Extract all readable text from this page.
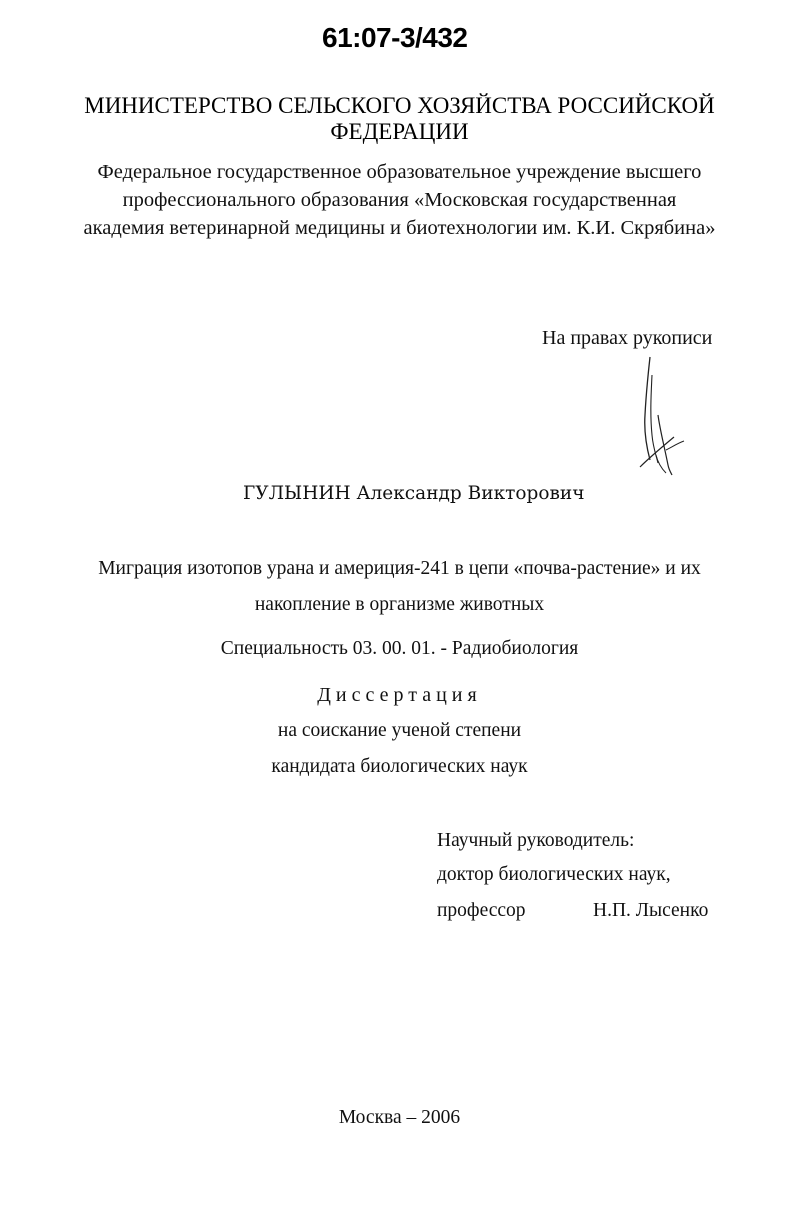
61:07-3/432
МИНИСТЕРСТВО СЕЛЬСКОГО ХОЗЯЙСТВА РОССИЙСКОЙ
ФЕДЕРАЦИИ
Федеральное государственное образовательное учреждение высшего
профессионального образования «Московская государственная
академия ветеринарной медицины и биотехнологии им. К.И. Скрябина»
На правах рукописи
ГУЛЫНИН Александр Викторович
Миграция изотопов урана и америция-241 в цепи «почва-растение» и их
накопление в организме животных
Специальность 03. 00. 01. - Радиобиология
Диссертация
на соискание ученой степени
кандидата биологических наук
Научный руководитель:
доктор биологических наук,
профессор	Н.П. Лысенко
Москва – 2006
